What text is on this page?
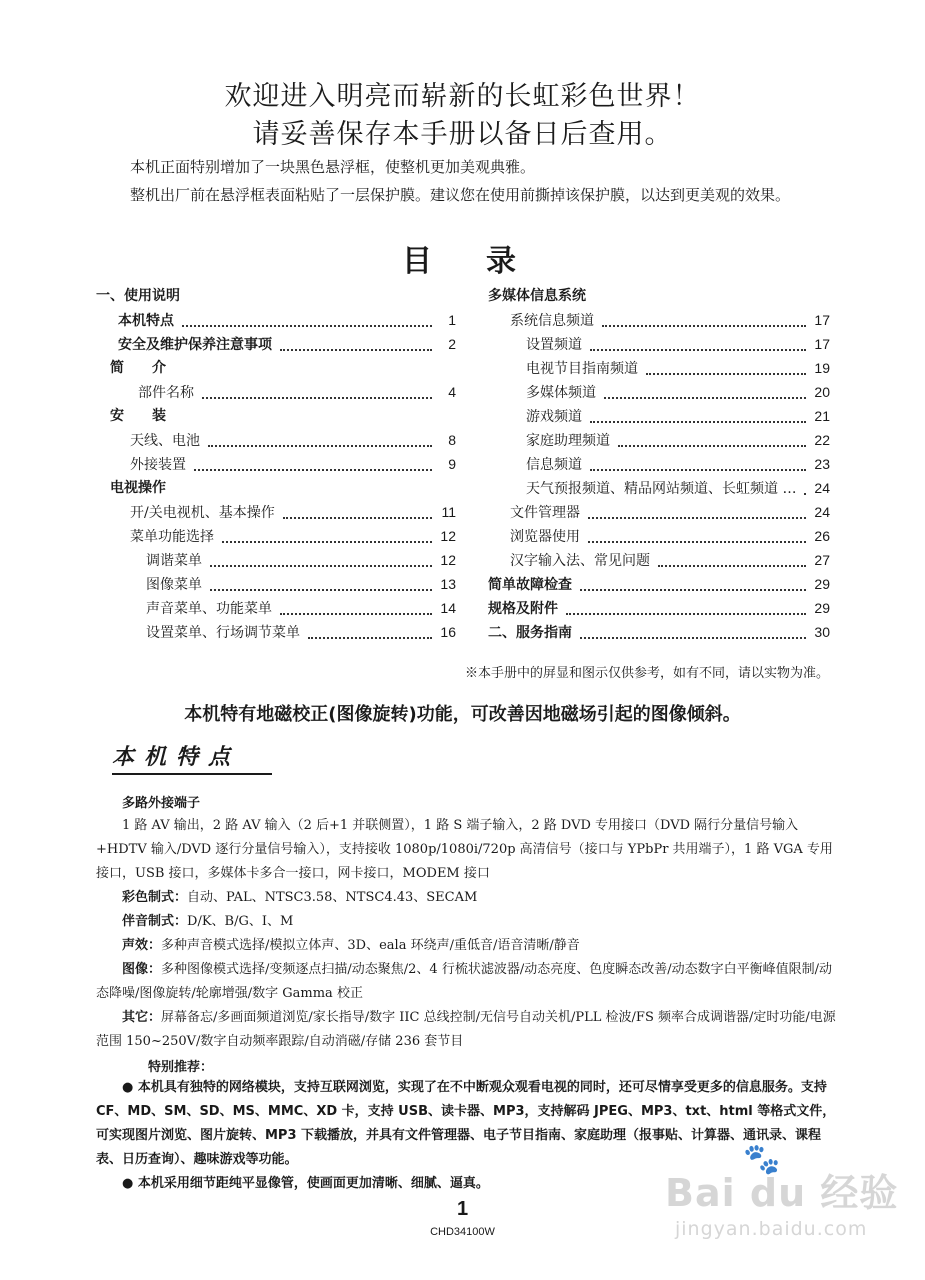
欢迎进入明亮而崭新的长虹彩色世界！
请妥善保存本手册以备日后查用。
本机正面特别增加了一块黑色悬浮框，使整机更加美观典雅。
整机出厂前在悬浮框表面粘贴了一层保护膜。建议您在使用前撕掉该保护膜，以达到更美观的效果。
目 录
一、使用说明
本机特点	1
安全及维护保养注意事项	2
简　　介
部件名称	4
安　　装
天线、电池	8
外接装置	9
电视操作
开/关电视机、基本操作	11
菜单功能选择	12
调谐菜单	12
图像菜单	13
声音菜单、功能菜单	14
设置菜单、行场调节菜单	16
多媒体信息系统
系统信息频道	17
设置频道	17
电视节目指南频道	19
多媒体频道	20
游戏频道	21
家庭助理频道	22
信息频道	23
天气预报频道、精品网站频道、长虹频道 … 24
文件管理器	24
浏览器使用	26
汉字输入法、常见问题	27
简单故障检查	29
规格及附件	29
二、服务指南	30
※本手册中的屏显和图示仅供参考，如有不同，请以实物为准。
本机特有地磁校正(图像旋转)功能，可改善因地磁场引起的图像倾斜。
本机特点
多路外接端子
1 路 AV 输出，2 路 AV 输入（2 后+1 并联侧置），1 路 S 端子输入，2 路 DVD 专用接口（DVD 隔行分量信号输入+HDTV 输入/DVD 逐行分量信号输入），支持接收 1080p/1080i/720p 高清信号（接口与 YPbPr 共用端子），1 路 VGA 专用接口，USB 接口，多媒体卡多合一接口，网卡接口，MODEM 接口
彩色制式：自动、PAL、NTSC3.58、NTSC4.43、SECAM
伴音制式：D/K、B/G、I、M
声效：多种声音模式选择/模拟立体声、3D、eala 环绕声/重低音/语音清晰/静音
图像：多种图像模式选择/变频逐点扫描/动态聚焦/2、4 行梳状滤波器/动态亮度、色度瞬态改善/动态数字白平衡峰值限制/动态降噪/图像旋转/轮廓增强/数字 Gamma 校正
其它：屏幕备忘/多画面频道浏览/家长指导/数字 IIC 总线控制/无信号自动关机/PLL 检波/FS 频率合成调谐器/定时功能/电源范围 150~250V/数字自动频率跟踪/自动消磁/存储 236 套节目
特别推荐：
● 本机具有独特的网络模块，支持互联网浏览，实现了在不中断观众观看电视的同时，还可尽情享受更多的信息服务。支持 CF、MD、SM、SD、MS、MMC、XD 卡，支持 USB、读卡器、MP3，支持解码 JPEG、MP3、txt、html 等格式文件，可实现图片浏览、图片旋转、MP3 下载播放，并具有文件管理器、电子节目指南、家庭助理（报事贴、计算器、通讯录、课程表、日历查询）、趣味游戏等功能。
● 本机采用细节距纯平显像管，使画面更加清晰、细腻、逼真。
1
CHD34100W
🐾
Bai du 经验
jingyan.baidu.com
